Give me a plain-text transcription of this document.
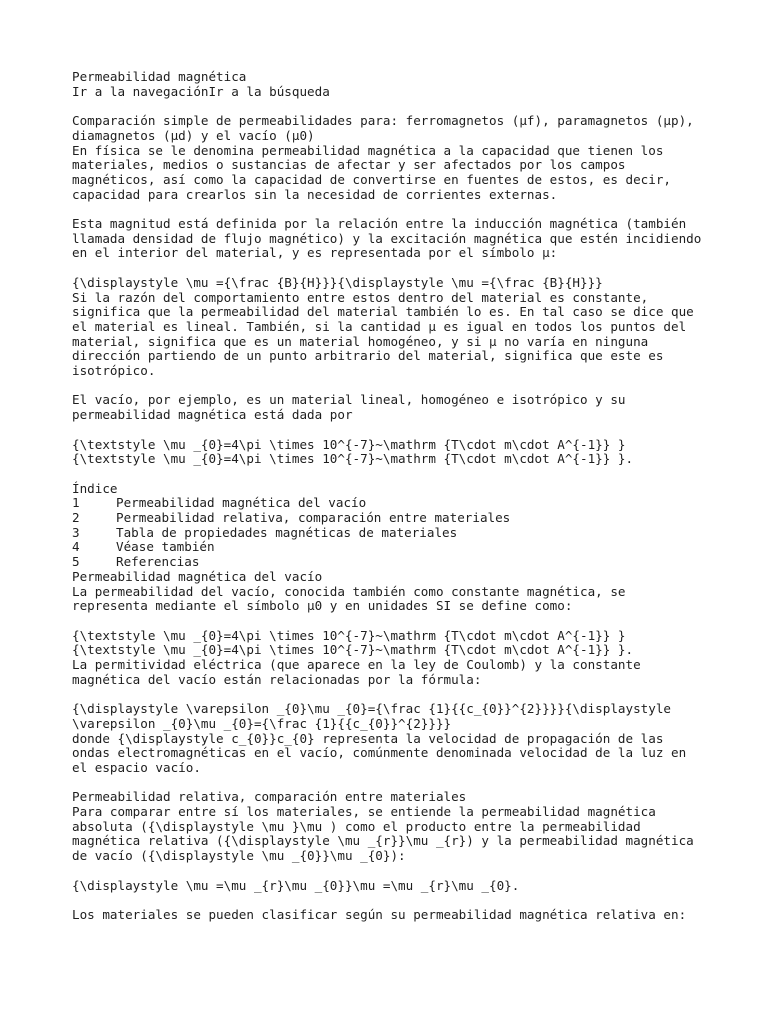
Permeabilidad magnética

Ir a la navegaciónIr a la búsqueda

Comparación simple de permeabilidades para: ferromagnetos (μf), paramagnetos (μp),

diamagnetos (μd) y el vacío (μ0)

En física se le denomina permeabilidad magnética a la capacidad que tienen los

materiales, medios o sustancias de afectar y ser afectados por los campos

magnéticos, así como la capacidad de convertirse en fuentes de estos, es decir,

capacidad para crearlos sin la necesidad de corrientes externas.

Esta magnitud está definida por la relación entre la inducción magnética (también

llamada densidad de flujo magnético) y la excitación magnética que estén incidiendo

en el interior del material, y es representada por el símbolo μ:

{\displaystyle \mu ={\frac {B}{H}}}{\displaystyle \mu ={\frac {B}{H}}}

Si la razón del comportamiento entre estos dentro del material es constante,

significa que la permeabilidad del material también lo es. En tal caso se dice que

el material es lineal. También, si la cantidad μ es igual en todos los puntos del

material, significa que es un material homogéneo, y si μ no varía en ninguna

dirección partiendo de un punto arbitrario del material, significa que este es

isotrópico.

El vacío, por ejemplo, es un material lineal, homogéneo e isotrópico y su

permeabilidad magnética está dada por

{\textstyle \mu _{0}=4\pi \times 10^{-7}~\mathrm {T\cdot m\cdot A^{-1}} }

{\textstyle \mu _{0}=4\pi \times 10^{-7}~\mathrm {T\cdot m\cdot A^{-1}} }.

Índice

1	Permeabilidad magnética del vacío
2	Permeabilidad relativa, comparación entre materiales
3	Tabla de propiedades magnéticas de materiales
4	Véase también
5	Referencias

Permeabilidad magnética del vacío

La permeabilidad del vacío, conocida también como constante magnética, se

representa mediante el símbolo μ0 y en unidades SI se define como:

{\textstyle \mu _{0}=4\pi \times 10^{-7}~\mathrm {T\cdot m\cdot A^{-1}} }

{\textstyle \mu _{0}=4\pi \times 10^{-7}~\mathrm {T\cdot m\cdot A^{-1}} }.

La permitividad eléctrica (que aparece en la ley de Coulomb) y la constante

magnética del vacío están relacionadas por la fórmula:

{\displaystyle \varepsilon _{0}\mu _{0}={\frac {1}{{c_{0}}^{2}}}}{\displaystyle

\varepsilon _{0}\mu _{0}={\frac {1}{{c_{0}}^{2}}}}

donde {\displaystyle c_{0}}c_{0} representa la velocidad de propagación de las

ondas electromagnéticas en el vacío, comúnmente denominada velocidad de la luz en

el espacio vacío.

Permeabilidad relativa, comparación entre materiales

Para comparar entre sí los materiales, se entiende la permeabilidad magnética

absoluta ({\displaystyle \mu }\mu ) como el producto entre la permeabilidad

magnética relativa ({\displaystyle \mu _{r}}\mu _{r}) y la permeabilidad magnética

de vacío ({\displaystyle \mu _{0}}\mu _{0}):

{\displaystyle \mu =\mu _{r}\mu _{0}}\mu =\mu _{r}\mu _{0}.

Los materiales se pueden clasificar según su permeabilidad magnética relativa en:
